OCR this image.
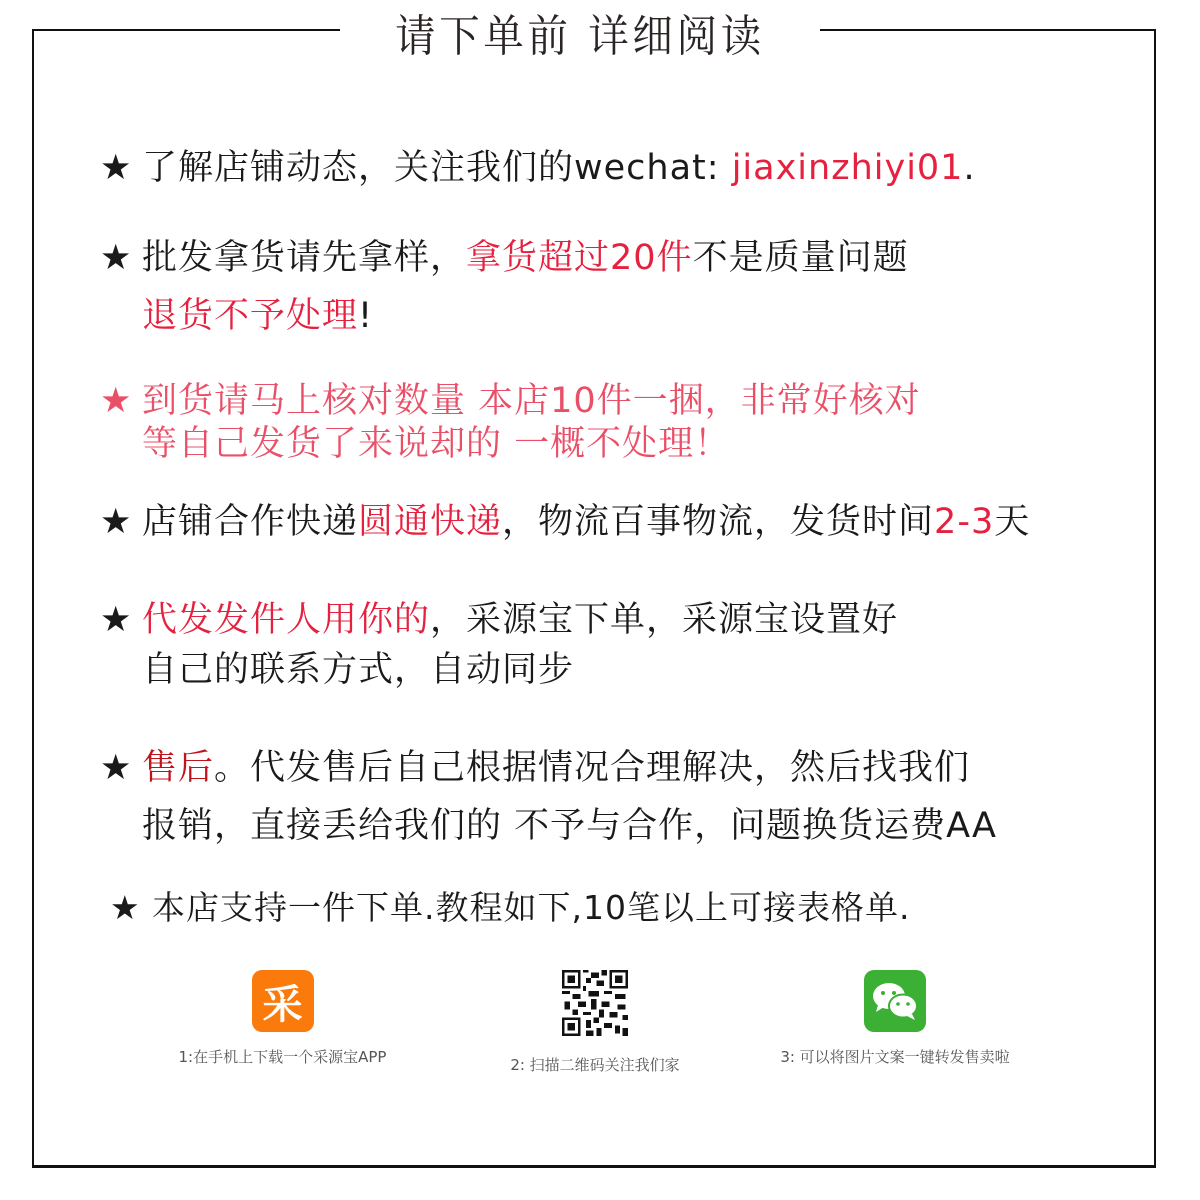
请下单前 详细阅读
★ 了解店铺动态，关注我们的wechat: jiaxinzhiyi01.
★ 批发拿货请先拿样，拿货超过20件不是质量问题
退货不予处理!
★ 到货请马上核对数量 本店10件一捆，非常好核对
等自己发货了来说却的 一概不处理！
★ 店铺合作快递圆通快递，物流百事物流，发货时间2-3天
★ 代发发件人用你的，采源宝下单，采源宝设置好
自己的联系方式，自动同步
★ 售后。代发售后自己根据情况合理解决，然后找我们
报销，直接丢给我们的 不予与合作，问题换货运费AA
★ 本店支持一件下单.教程如下,10笔以上可接表格单.
采
1:在手机上下载一个采源宝APP	2: 扫描二维码关注我们家	3: 可以将图片文案一键转发售卖啦
